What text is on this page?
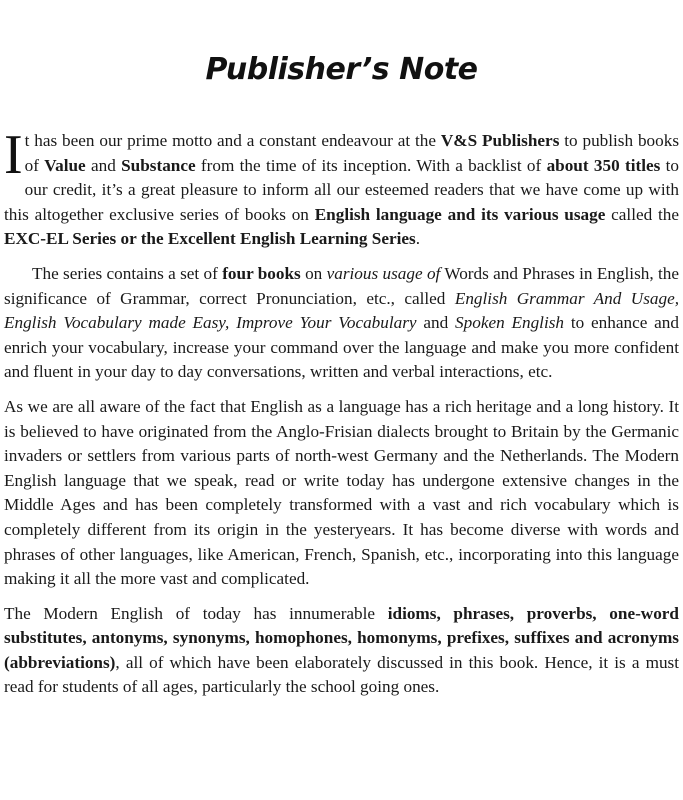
Publisher’s Note

It has been our prime motto and a constant endeavour at the V&S Publishers to publish books of Value and Substance from the time of its inception. With a backlist of about 350 titles to our credit, it’s a great pleasure to inform all our esteemed readers that we have come up with this altogether exclusive series of books on English language and its various usage called the EXC-EL Series or the Excellent English Learning Series.

The series contains a set of four books on various usage of Words and Phrases in English, the significance of Grammar, correct Pronunciation, etc., called English Grammar And Usage, English Vocabulary made Easy, Improve Your Vocabulary and Spoken English to enhance and enrich your vocabulary, increase your command over the language and make you more confident and fluent in your day to day conversations, written and verbal interactions, etc.

As we are all aware of the fact that English as a language has a rich heritage and a long history. It is believed to have originated from the Anglo-Frisian dialects brought to Britain by the Germanic invaders or settlers from various parts of north-west Germany and the Netherlands. The Modern English language that we speak, read or write today has undergone extensive changes in the Middle Ages and has been completely transformed with a vast and rich vocabulary which is completely different from its origin in the yesteryears. It has become diverse with words and phrases of other languages, like American, French, Spanish, etc., incorporating into this language making it all the more vast and complicated.

The Modern English of today has innumerable idioms, phrases, proverbs, one-word substitutes, antonyms, synonyms, homophones, homonyms, prefixes, suffixes and acronyms (abbreviations), all of which have been elaborately discussed in this book. Hence, it is a must read for students of all ages, particularly the school going ones.
